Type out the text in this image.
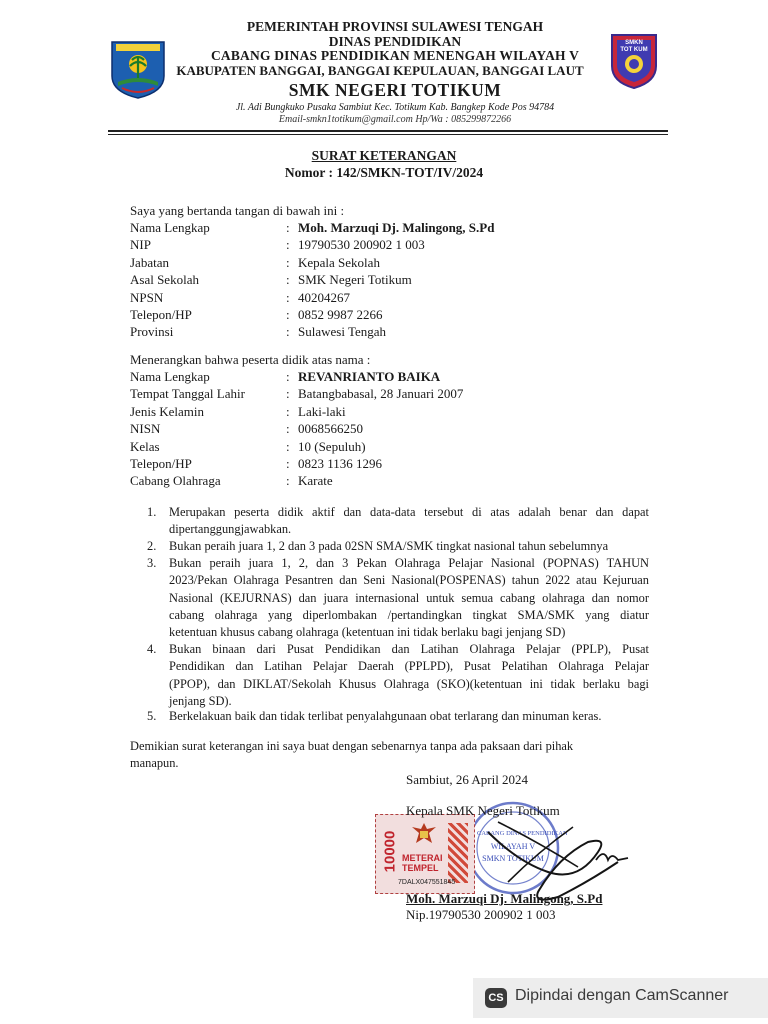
SMKN
TOT KUM
PEMERINTAH PROVINSI SULAWESI TENGAH
DINAS PENDIDIKAN
CABANG DINAS PENDIDIKAN MENENGAH WILAYAH V
KABUPATEN BANGGAI, BANGGAI KEPULAUAN, BANGGAI LAUT
SMK NEGERI TOTIKUM
Jl. Adi Bungkuko Pusaka Sambiut Kec. Totikum Kab. Bangkep Kode Pos 94784
Email-smkn1totikum@gmail.com Hp/Wa : 085299872266
SURAT KETERANGAN
Nomor : 142/SMKN-TOT/IV/2024
Saya yang bertanda tangan di bawah ini :
Nama Lengkap	: Moh. Marzuqi Dj. Malingong, S.Pd
NIP	: 19790530 200902 1 003
Jabatan	: Kepala Sekolah
Asal Sekolah	: SMK Negeri Totikum
NPSN	: 40204267
Telepon/HP	: 0852 9987 2266
Provinsi	: Sulawesi Tengah
Menerangkan bahwa peserta didik atas nama :
Nama Lengkap	: REVANRIANTO BAIKA
Tempat Tanggal Lahir	: Batangbabasal, 28 Januari 2007
Jenis Kelamin	: Laki-laki
NISN	: 0068566250
Kelas	: 10 (Sepuluh)
Telepon/HP	: 0823 1136 1296
Cabang Olahraga	: Karate
1. Merupakan peserta didik aktif dan data-data tersebut di atas adalah benar dan dapat
dipertanggungjawabkan.
2. Bukan peraih juara 1, 2 dan 3 pada 02SN SMA/SMK tingkat nasional tahun sebelumnya
3. Bukan peraih juara 1, 2, dan 3 Pekan Olahraga Pelajar Nasional (POPNAS) TAHUN
2023/Pekan Olahraga Pesantren dan Seni Nasional(POSPENAS) tahun 2022 atau Kejuruan
Nasional (KEJURNAS) dan juara internasional untuk semua cabang olahraga dan nomor
cabang olahraga yang diperlombakan /pertandingkan tingkat SMA/SMK yang diatur
ketentuan khusus cabang olahraga (ketentuan ini tidak berlaku bagi jenjang SD)
4. Bukan binaan dari Pusat Pendidikan dan Latihan Olahraga Pelajar (PPLP), Pusat
Pendidikan dan Latihan Pelajar Daerah (PPLPD), Pusat Pelatihan Olahraga Pelajar
(PPOP), dan DIKLAT/Sekolah Khusus Olahraga (SKO)(ketentuan ini tidak berlaku bagi
jenjang SD).
5. Berkelakuan baik dan tidak terlibat penyalahgunaan obat terlarang dan minuman keras.
Demikian surat keterangan ini saya buat dengan sebenarnya tanpa ada paksaan dari pihak
manapun.
Sambiut, 26 April 2024
CABANG DINAS PENDIDIKAN
WILAYAH V
SMKN TOTIKUM
10000 METERAI
TEMPEL
7DALX047551845
Kepala SMK Negeri Totikum
Moh. Marzuqi Dj. Malingong, S.Pd
Nip.19790530 200902 1 003
CS Dipindai dengan CamScanner
